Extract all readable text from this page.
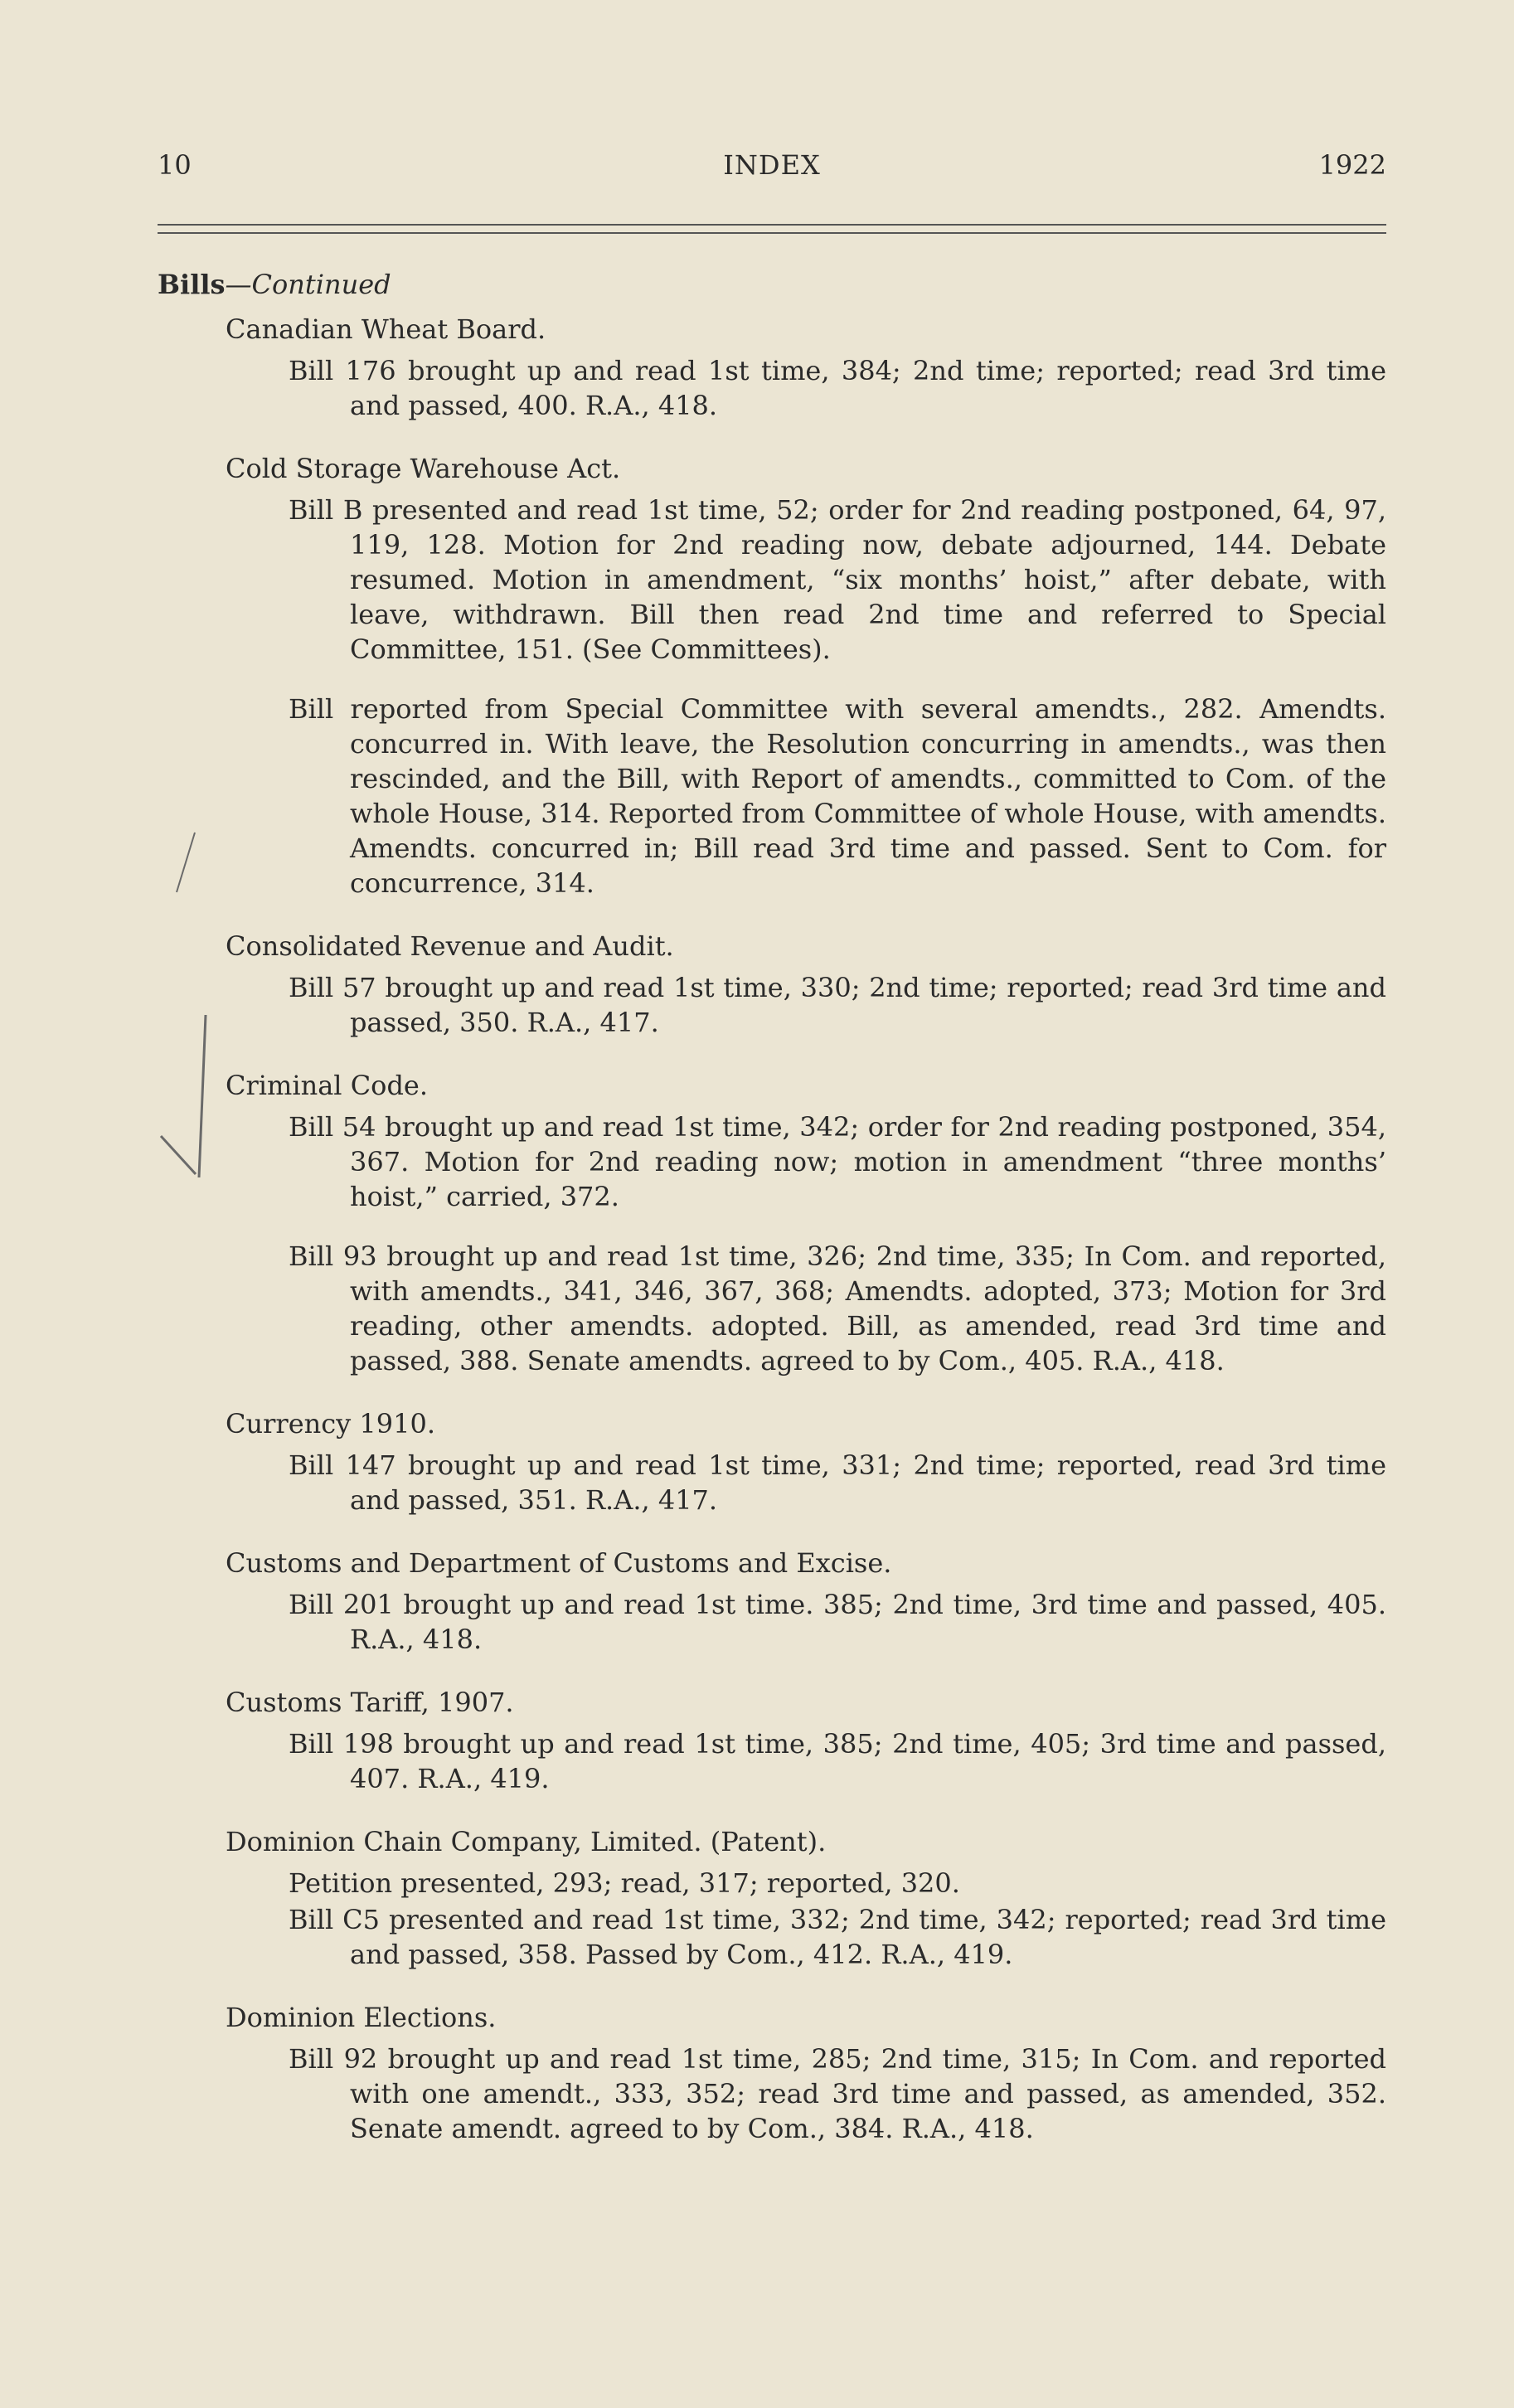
10	INDEX	1922
Bills—Continued
Canadian Wheat Board.
Bill 176 brought up and read 1st time, 384; 2nd time; reported; read 3rd time and passed, 400. R.A., 418.
Cold Storage Warehouse Act.
Bill B presented and read 1st time, 52; order for 2nd reading postponed, 64, 97, 119, 128. Motion for 2nd reading now, debate adjourned, 144. Debate resumed. Motion in amendment, “six months’ hoist,” after debate, with leave, withdrawn. Bill then read 2nd time and referred to Special Committee, 151. (See Committees).
Bill reported from Special Committee with several amendts., 282. Amendts. concurred in. With leave, the Resolution concurring in amendts., was then rescinded, and the Bill, with Report of amendts., committed to Com. of the whole House, 314. Reported from Committee of whole House, with amendts. Amendts. concurred in; Bill read 3rd time and passed. Sent to Com. for concurrence, 314.
Consolidated Revenue and Audit.
Bill 57 brought up and read 1st time, 330; 2nd time; reported; read 3rd time and passed, 350. R.A., 417.
Criminal Code.
Bill 54 brought up and read 1st time, 342; order for 2nd reading postponed, 354, 367. Motion for 2nd reading now; motion in amendment “three months’ hoist,” carried, 372.
Bill 93 brought up and read 1st time, 326; 2nd time, 335; In Com. and reported, with amendts., 341, 346, 367, 368; Amendts. adopted, 373; Motion for 3rd reading, other amendts. adopted. Bill, as amended, read 3rd time and passed, 388. Senate amendts. agreed to by Com., 405. R.A., 418.
Currency 1910.
Bill 147 brought up and read 1st time, 331; 2nd time; reported, read 3rd time and passed, 351. R.A., 417.
Customs and Department of Customs and Excise.
Bill 201 brought up and read 1st time. 385; 2nd time, 3rd time and passed, 405. R.A., 418.
Customs Tariff, 1907.
Bill 198 brought up and read 1st time, 385; 2nd time, 405; 3rd time and passed, 407. R.A., 419.
Dominion Chain Company, Limited. (Patent).
Petition presented, 293; read, 317; reported, 320.
Bill C5 presented and read 1st time, 332; 2nd time, 342; reported; read 3rd time and passed, 358. Passed by Com., 412. R.A., 419.
Dominion Elections.
Bill 92 brought up and read 1st time, 285; 2nd time, 315; In Com. and reported with one amendt., 333, 352; read 3rd time and passed, as amended, 352. Senate amendt. agreed to by Com., 384. R.A., 418.
